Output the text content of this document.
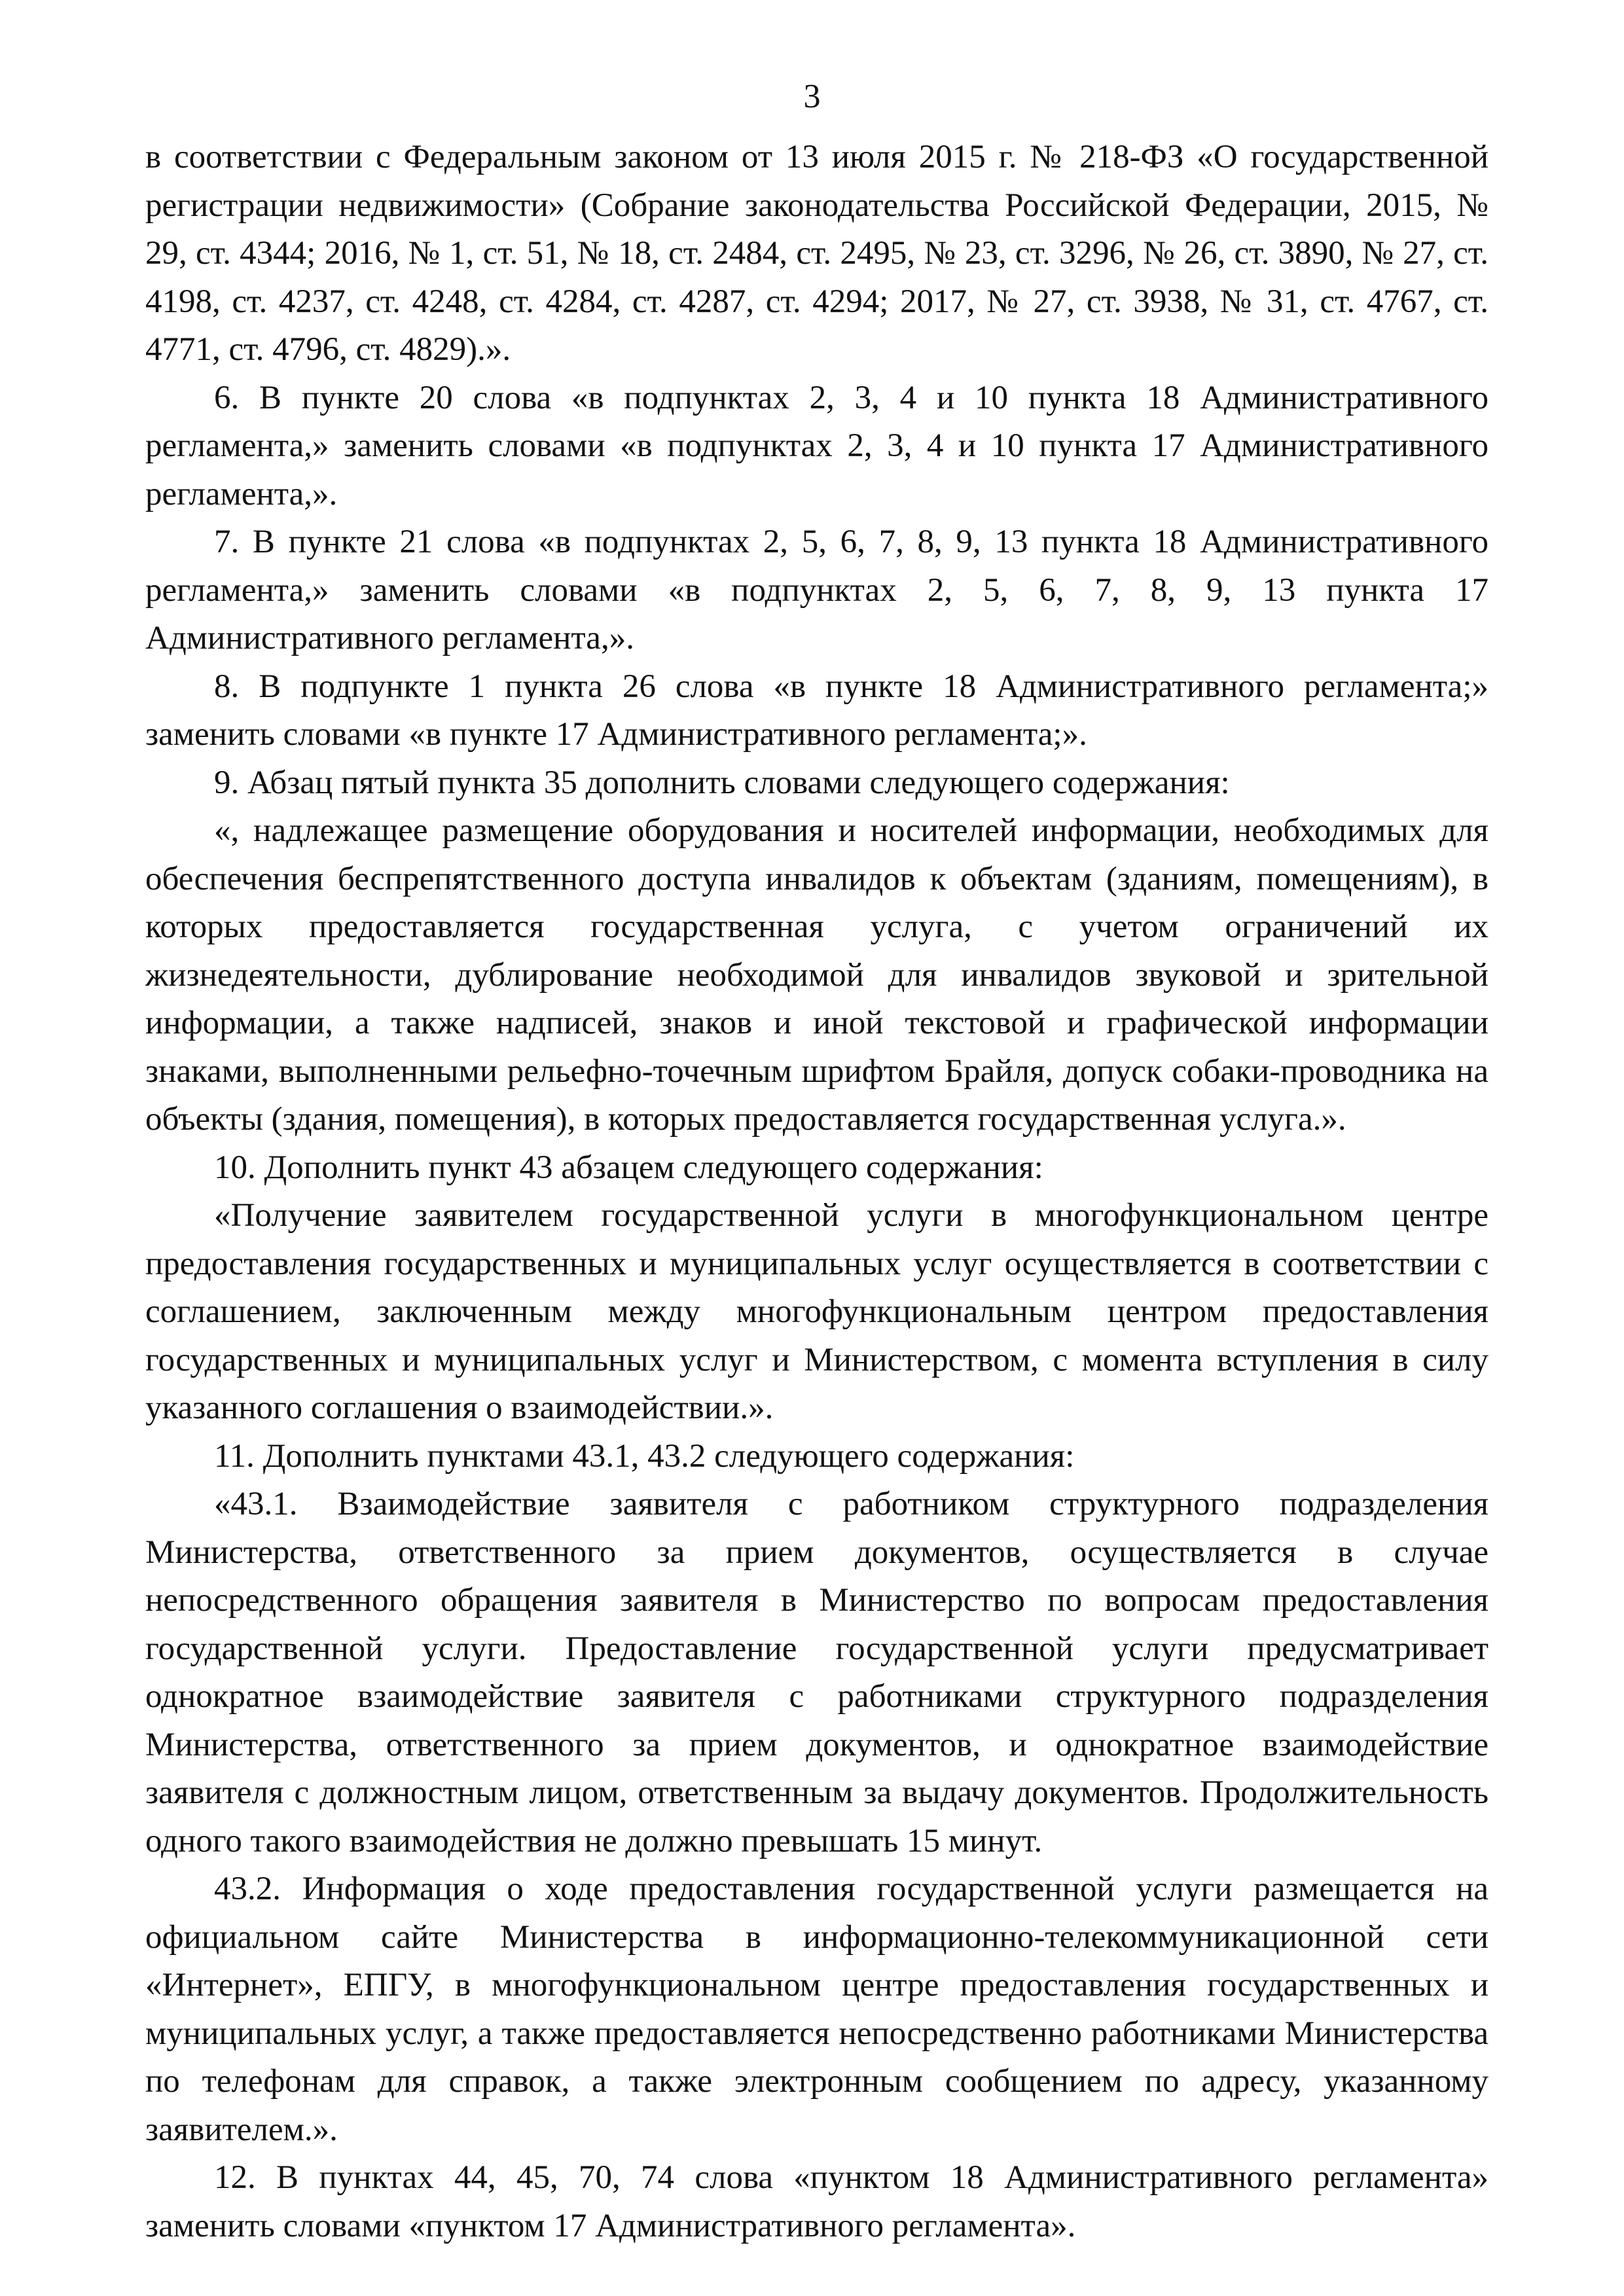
3

в соответствии с Федеральным законом от 13 июля 2015 г. № 218-ФЗ «О государственной регистрации недвижимости» (Собрание законодательства Российской Федерации, 2015, № 29, ст. 4344; 2016, № 1, ст. 51, № 18, ст. 2484, ст. 2495, № 23, ст. 3296, № 26, ст. 3890, № 27, ст. 4198, ст. 4237, ст. 4248, ст. 4284, ст. 4287, ст. 4294; 2017, № 27, ст. 3938, № 31, ст. 4767, ст. 4771, ст. 4796, ст. 4829).».

6. В пункте 20 слова «в подпунктах 2, 3, 4 и 10 пункта 18 Административного регламента,» заменить словами «в подпунктах 2, 3, 4 и 10 пункта 17 Административного регламента,».

7. В пункте 21 слова «в подпунктах 2, 5, 6, 7, 8, 9, 13 пункта 18 Административного регламента,» заменить словами «в подпунктах 2, 5, 6, 7, 8, 9, 13 пункта 17 Административного регламента,».

8. В подпункте 1 пункта 26 слова «в пункте 18 Административного регламента;» заменить словами «в пункте 17 Административного регламента;».

9. Абзац пятый пункта 35 дополнить словами следующего содержания:

«, надлежащее размещение оборудования и носителей информации, необходимых для обеспечения беспрепятственного доступа инвалидов к объектам (зданиям, помещениям), в которых предоставляется государственная услуга, с учетом ограничений их жизнедеятельности, дублирование необходимой для инвалидов звуковой и зрительной информации, а также надписей, знаков и иной текстовой и графической информации знаками, выполненными рельефно-точечным шрифтом Брайля, допуск собаки-проводника на объекты (здания, помещения), в которых предоставляется государственная услуга.».

10. Дополнить пункт 43 абзацем следующего содержания:

«Получение заявителем государственной услуги в многофункциональном центре предоставления государственных и муниципальных услуг осуществляется в соответствии с соглашением, заключенным между многофункциональным центром предоставления государственных и муниципальных услуг и Министерством, с момента вступления в силу указанного соглашения о взаимодействии.».

11. Дополнить пунктами 43.1, 43.2 следующего содержания:

«43.1. Взаимодействие заявителя с работником структурного подразделения Министерства, ответственного за прием документов, осуществляется в случае непосредственного обращения заявителя в Министерство по вопросам предоставления государственной услуги. Предоставление государственной услуги предусматривает однократное взаимодействие заявителя с работниками структурного подразделения Министерства, ответственного за прием документов, и однократное взаимодействие заявителя с должностным лицом, ответственным за выдачу документов. Продолжительность одного такого взаимодействия не должно превышать 15 минут.

43.2. Информация о ходе предоставления государственной услуги размещается на официальном сайте Министерства в информационно-телекоммуникационной сети «Интернет», ЕПГУ, в многофункциональном центре предоставления государственных и муниципальных услуг, а также предоставляется непосредственно работниками Министерства по телефонам для справок, а также электронным сообщением по адресу, указанному заявителем.».

12. В пунктах 44, 45, 70, 74 слова «пунктом 18 Административного регламента» заменить словами «пунктом 17 Административного регламента».
